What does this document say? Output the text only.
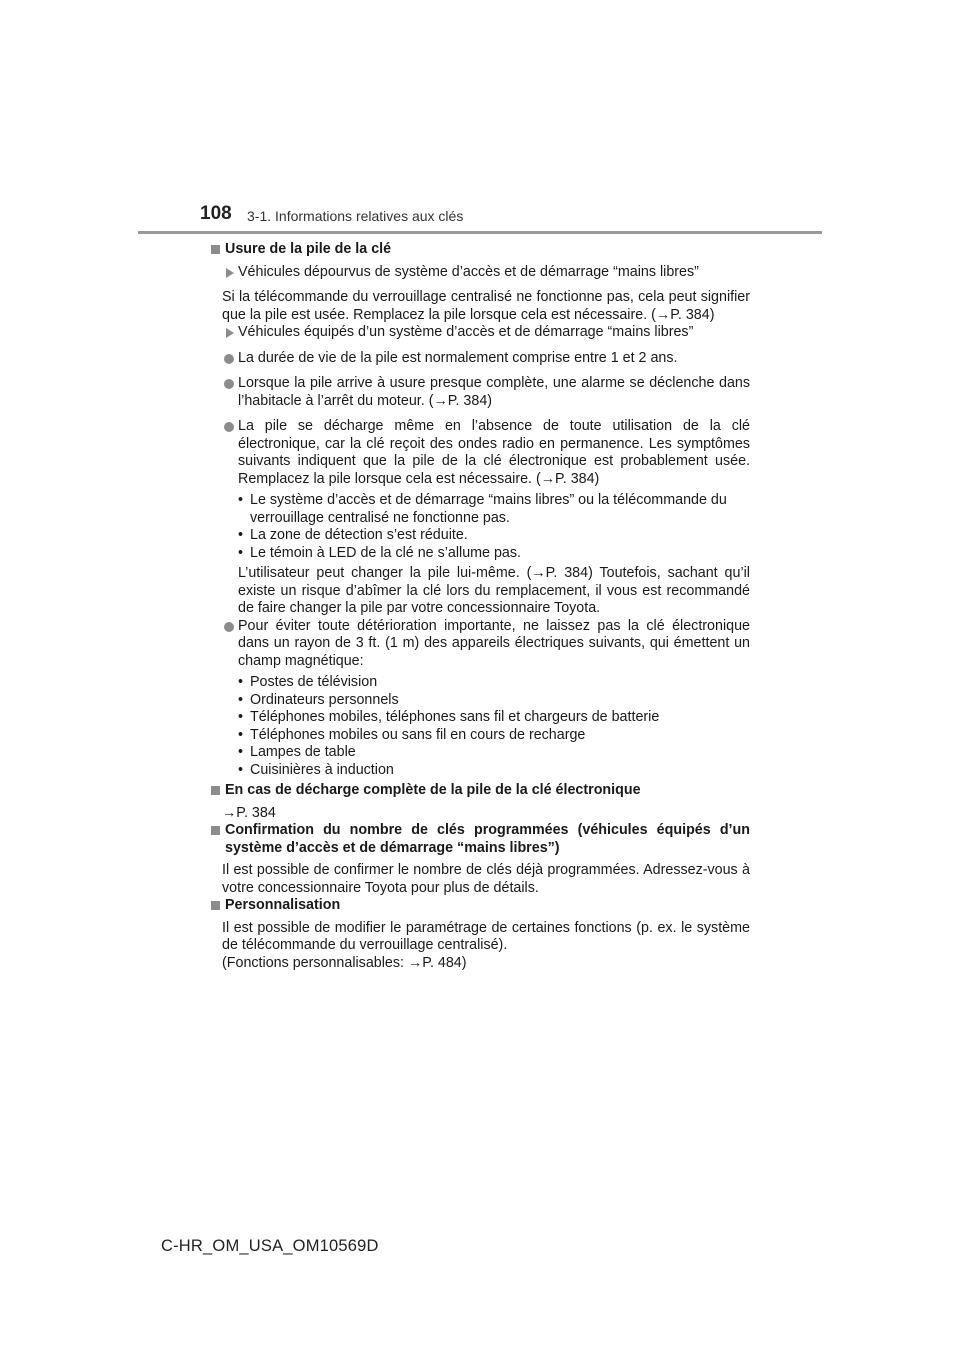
108 3-1. Informations relatives aux clés
Usure de la pile de la clé
Véhicules dépourvus de système d’accès et de démarrage “mains libres”

Si la télécommande du verrouillage centralisé ne fonctionne pas, cela peut signifier que la pile est usée. Remplacez la pile lorsque cela est nécessaire. (→P. 384)

Véhicules équipés d’un système d’accès et de démarrage “mains libres”
La durée de vie de la pile est normalement comprise entre 1 et 2 ans.
Lorsque la pile arrive à usure presque complète, une alarme se déclenche dans l’habitacle à l’arrêt du moteur. (→P. 384)
La pile se décharge même en l’absence de toute utilisation de la clé électronique, car la clé reçoit des ondes radio en permanence. Les symptômes suivants indiquent que la pile de la clé électronique est probablement usée. Remplacez la pile lorsque cela est nécessaire. (→P. 384)
• Le système d’accès et de démarrage “mains libres” ou la télécommande du verrouillage centralisé ne fonctionne pas.
• La zone de détection s’est réduite.
• Le témoin à LED de la clé ne s’allume pas.

L’utilisateur peut changer la pile lui-même. (→P. 384) Toutefois, sachant qu’il existe un risque d’abîmer la clé lors du remplacement, il vous est recommandé de faire changer la pile par votre concessionnaire Toyota.

Pour éviter toute détérioration importante, ne laissez pas la clé électronique dans un rayon de 3 ft. (1 m) des appareils électriques suivants, qui émettent un champ magnétique:
• Postes de télévision
• Ordinateurs personnels
• Téléphones mobiles, téléphones sans fil et chargeurs de batterie
• Téléphones mobiles ou sans fil en cours de recharge
• Lampes de table
• Cuisinières à induction
En cas de décharge complète de la pile de la clé électronique

→P. 384

Confirmation du nombre de clés programmées (véhicules équipés d’un système d’accès et de démarrage “mains libres”)

Il est possible de confirmer le nombre de clés déjà programmées. Adressez-vous à votre concessionnaire Toyota pour plus de détails.

Personnalisation

Il est possible de modifier le paramétrage de certaines fonctions (p. ex. le système de télécommande du verrouillage centralisé).

(Fonctions personnalisables: →P. 484)

C-HR_OM_USA_OM10569D
